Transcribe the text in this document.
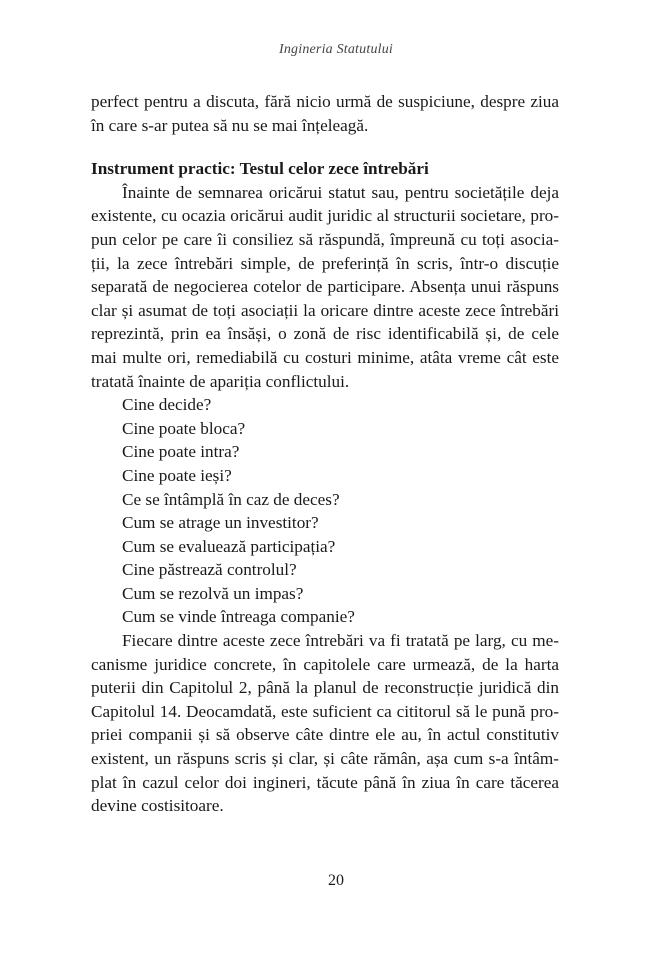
Ingineria Statutului

perfect pentru a discuta, fără nicio urmă de suspiciune, despre ziua în care s-ar putea să nu se mai înțeleagă.

Instrument practic: Testul celor zece întrebări

Înainte de semnarea oricărui statut sau, pentru societățile deja existente, cu ocazia oricărui audit juridic al structurii societare, propun celor pe care îi consiliez să răspundă, împreună cu toți asociații, la zece întrebări simple, de preferință în scris, într-o discuție separată de negocierea cotelor de participare. Absența unui răspuns clar și asumat de toți asociații la oricare dintre aceste zece întrebări reprezintă, prin ea însăși, o zonă de risc identificabilă și, de cele mai multe ori, remediabilă cu costuri minime, atâta vreme cât este tratată înainte de apariția conflictului.

Cine decide?
Cine poate bloca?
Cine poate intra?
Cine poate ieși?
Ce se întâmplă în caz de deces?
Cum se atrage un investitor?
Cum se evaluează participația?
Cine păstrează controlul?
Cum se rezolvă un impas?
Cum se vinde întreaga companie?

Fiecare dintre aceste zece întrebări va fi tratată pe larg, cu mecanisme juridice concrete, în capitolele care urmează, de la harta puterii din Capitolul 2, până la planul de reconstrucție juridică din Capitolul 14. Deocamdată, este suficient ca cititorul să le pună propriei companii și să observe câte dintre ele au, în actul constitutiv existent, un răspuns scris și clar, și câte rămân, așa cum s-a întâmplat în cazul celor doi ingineri, tăcute până în ziua în care tăcerea devine costisitoare.

20
